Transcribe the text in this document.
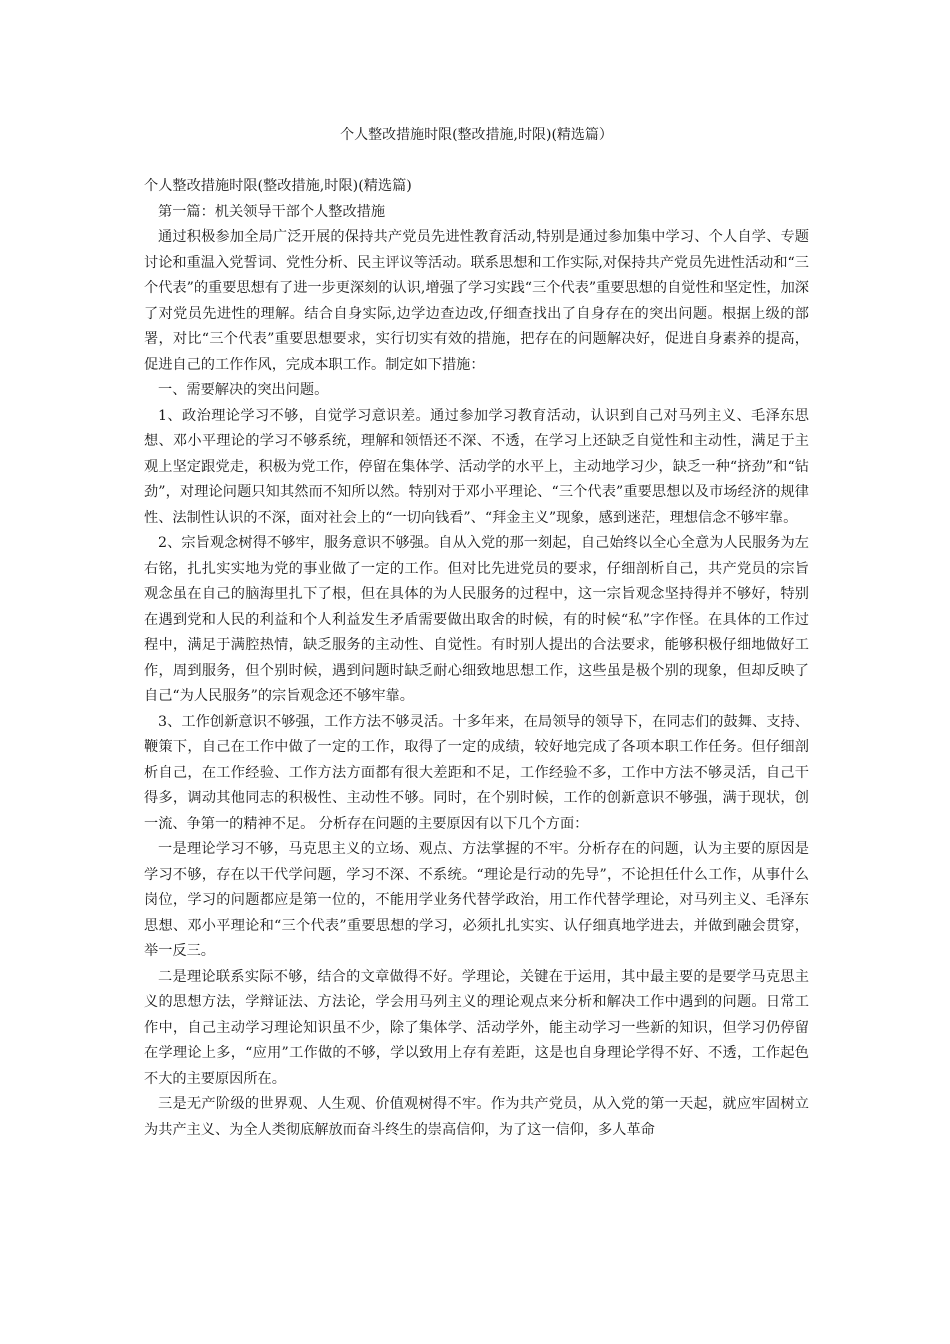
个人整改措施时限(整改措施,时限)(精选篇）

个人整改措施时限(整改措施,时限)(精选篇)

第一篇：机关领导干部个人整改措施

通过积极参加全局广泛开展的保持共产党员先进性教育活动,特别是通过参加集中学习、个人自学、专题讨论和重温入党誓词、党性分析、民主评议等活动。联系思想和工作实际,对保持共产党员先进性活动和“三个代表”的重要思想有了进一步更深刻的认识,增强了学习实践“三个代表”重要思想的自觉性和坚定性，加深了对党员先进性的理解。结合自身实际,边学边查边改,仔细查找出了自身存在的突出问题。根据上级的部署，对比“三个代表”重要思想要求，实行切实有效的措施，把存在的问题解决好，促进自身素养的提高，促进自己的工作作风，完成本职工作。制定如下措施：

一、需要解决的突出问题。

1、政治理论学习不够，自觉学习意识差。通过参加学习教育活动，认识到自己对马列主义、毛泽东思想、邓小平理论的学习不够系统，理解和领悟还不深、不透，在学习上还缺乏自觉性和主动性，满足于主观上坚定跟党走，积极为党工作，停留在集体学、活动学的水平上，主动地学习少，缺乏一种“挤劲”和“钻劲”，对理论问题只知其然而不知所以然。特别对于邓小平理论、“三个代表”重要思想以及市场经济的规律性、法制性认识的不深，面对社会上的“一切向钱看”、“拜金主义”现象，感到迷茫，理想信念不够牢靠。

2、宗旨观念树得不够牢，服务意识不够强。自从入党的那一刻起，自己始终以全心全意为人民服务为左右铭，扎扎实实地为党的事业做了一定的工作。但对比先进党员的要求，仔细剖析自己，共产党员的宗旨观念虽在自己的脑海里扎下了根，但在具体的为人民服务的过程中，这一宗旨观念坚持得并不够好，特别在遇到党和人民的利益和个人利益发生矛盾需要做出取舍的时候，有的时候“私”字作怪。在具体的工作过程中，满足于满腔热情，缺乏服务的主动性、自觉性。有时别人提出的合法要求，能够积极仔细地做好工作，周到服务，但个别时候，遇到问题时缺乏耐心细致地思想工作，这些虽是极个别的现象，但却反映了自己“为人民服务”的宗旨观念还不够牢靠。

3、工作创新意识不够强，工作方法不够灵活。十多年来，在局领导的领导下，在同志们的鼓舞、支持、鞭策下，自己在工作中做了一定的工作，取得了一定的成绩，较好地完成了各项本职工作任务。但仔细剖析自己，在工作经验、工作方法方面都有很大差距和不足，工作经验不多，工作中方法不够灵活，自己干得多，调动其他同志的积极性、主动性不够。同时，在个别时候，工作的创新意识不够强，满于现状，创一流、争第一的精神不足。 分析存在问题的主要原因有以下几个方面：

一是理论学习不够，马克思主义的立场、观点、方法掌握的不牢。分析存在的问题，认为主要的原因是学习不够，存在以干代学问题，学习不深、不系统。“理论是行动的先导”，不论担任什么工作，从事什么岗位，学习的问题都应是第一位的，不能用学业务代替学政治，用工作代替学理论，对马列主义、毛泽东思想、邓小平理论和“三个代表”重要思想的学习，必须扎扎实实、认仔细真地学进去，并做到融会贯穿，举一反三。

二是理论联系实际不够，结合的文章做得不好。学理论，关键在于运用，其中最主要的是要学马克思主义的思想方法，学辩证法、方法论，学会用马列主义的理论观点来分析和解决工作中遇到的问题。日常工作中，自己主动学习理论知识虽不少，除了集体学、活动学外，能主动学习一些新的知识，但学习仍停留在学理论上多，“应用”工作做的不够，学以致用上存有差距，这是也自身理论学得不好、不透，工作起色不大的主要原因所在。

三是无产阶级的世界观、人生观、价值观树得不牢。作为共产党员，从入党的第一天起，就应牢固树立为共产主义、为全人类彻底解放而奋斗终生的崇高信仰，为了这一信仰，多人革命
